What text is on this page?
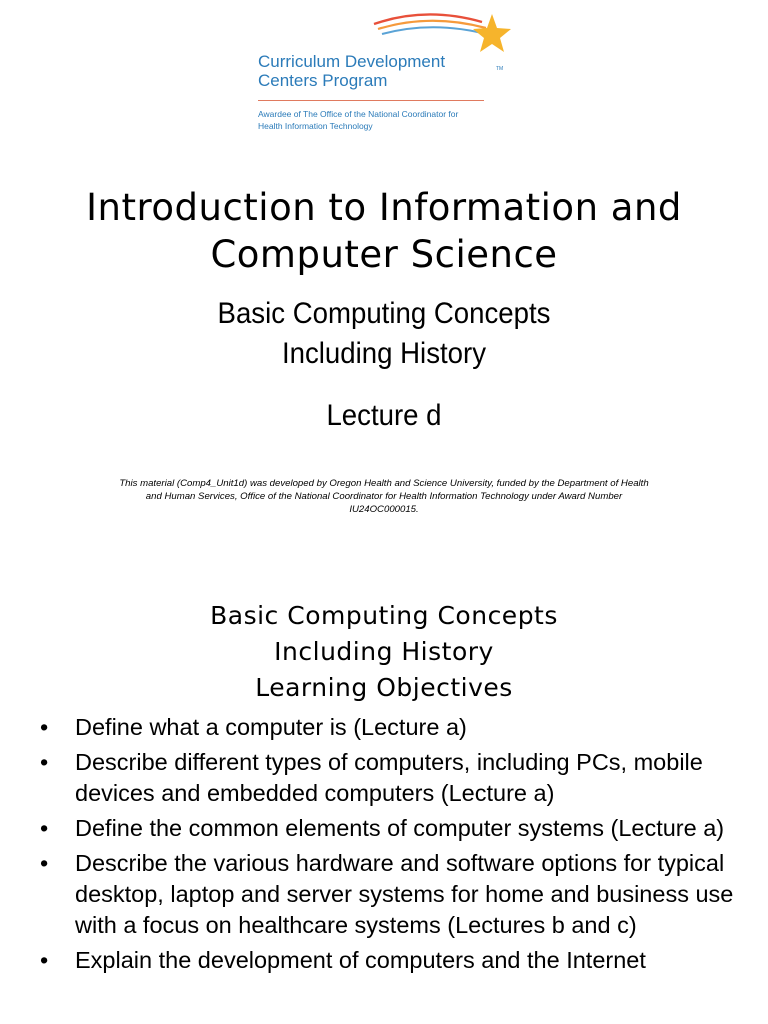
Curriculum Development
Centers Program
TM
Awardee of The Office of the National Coordinator for
Health Information Technology
Introduction to Information and
Computer Science
Basic Computing Concepts
Including History
Lecture d
This material (Comp4_Unit1d) was developed by Oregon Health and Science University, funded by the Department of Health
and Human Services, Office of the National Coordinator for Health Information Technology under Award Number
IU24OC000015.
Basic Computing Concepts
Including History
Learning Objectives
• Define what a computer is (Lecture a)
• Describe different types of computers, including PCs, mobile devices and embedded computers (Lecture a)
• Define the common elements of computer systems (Lecture a)
• Describe the various hardware and software options for typical desktop, laptop and server systems for home and business use with a focus on healthcare systems (Lectures b and c)
• Explain the development of computers and the Internet
